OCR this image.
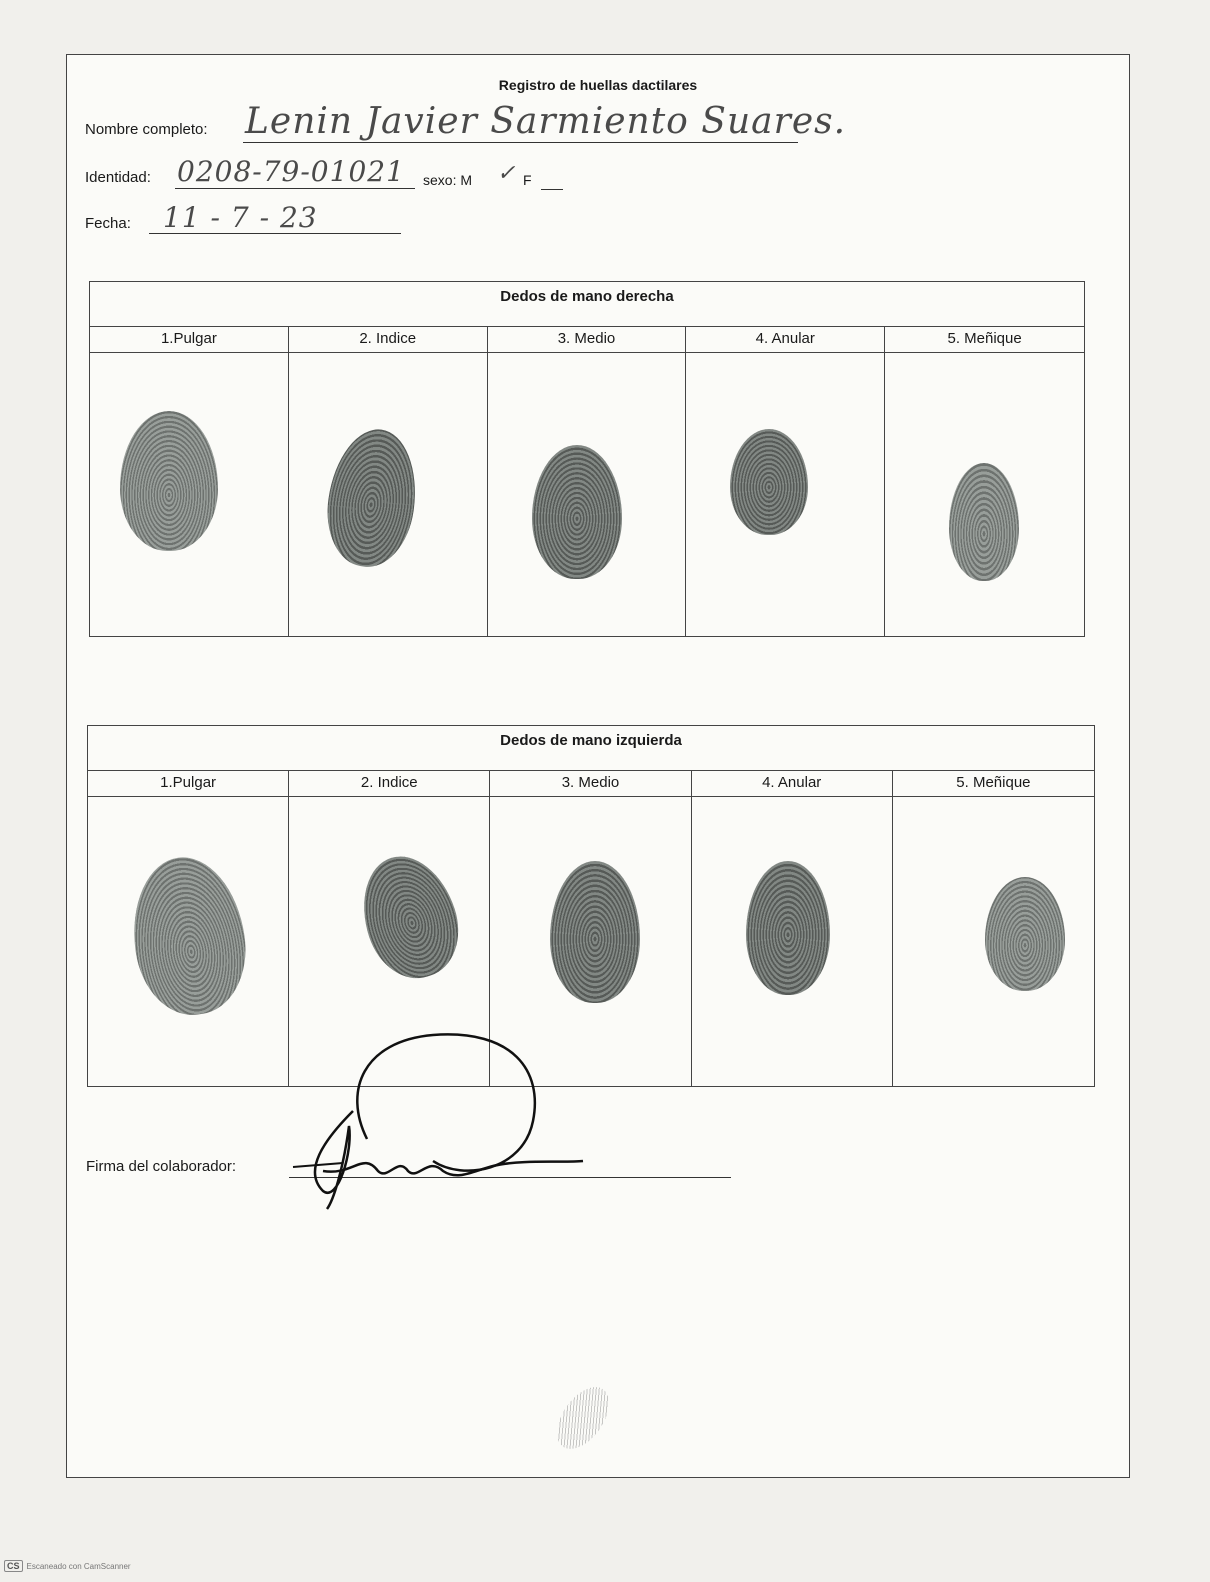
Registro de huellas dactilares
Nombre completo: Lenin Javier Sarmiento Suares.
Identidad: 0208-79-01021 sexo: M ✓ F
Fecha: 11 - 7 - 23
Dedos de mano derecha
1.Pulgar	2. Indice	3. Medio	4. Anular	5. Meñique
Dedos de mano izquierda
1.Pulgar	2. Indice	3. Medio	4. Anular	5. Meñique
Firma del colaborador:
CS Escaneado con CamScanner
